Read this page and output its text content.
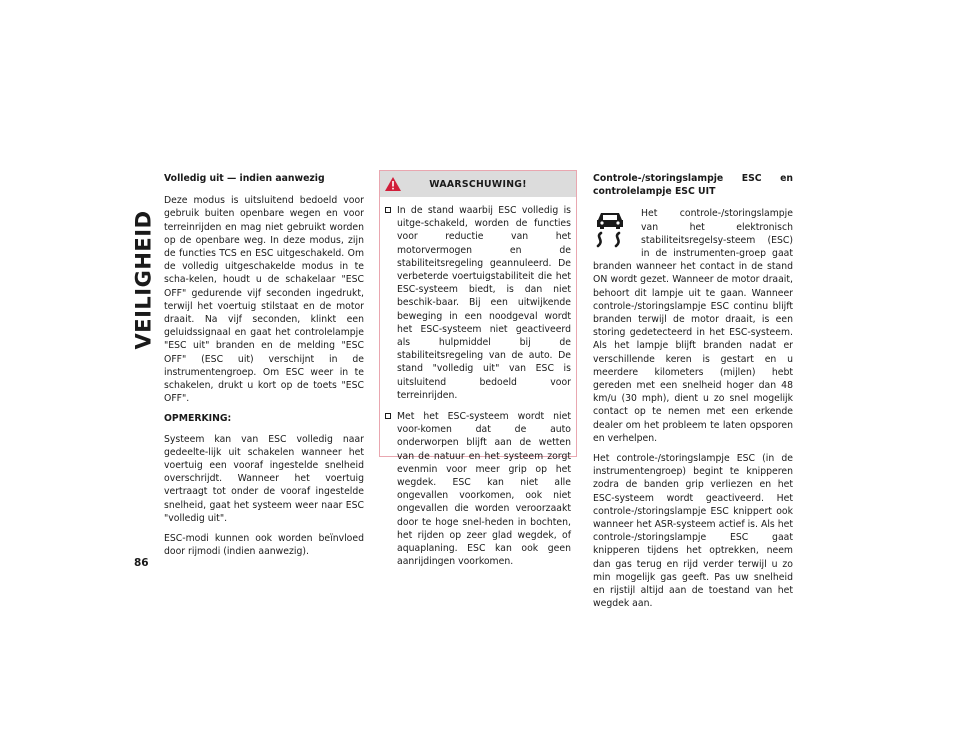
VEILIGHEID
86
Volledig uit — indien aanwezig

Deze modus is uitsluitend bedoeld voor gebruik buiten openbare wegen en voor terreinrijden en mag niet gebruikt worden op de openbare weg. In deze modus, zijn de functies TCS en ESC uitgeschakeld. Om de volledig uitgeschakelde modus in te scha-kelen, houdt u de schakelaar "ESC OFF" gedurende vijf seconden ingedrukt, terwijl het voertuig stilstaat en de motor draait. Na vijf seconden, klinkt een geluidssignaal en gaat het controlelampje "ESC uit" branden en de melding "ESC OFF" (ESC uit) verschijnt in de instrumentengroep. Om ESC weer in te schakelen, drukt u kort op de toets "ESC OFF".

OPMERKING:

Systeem kan van ESC volledig naar gedeelte-lijk uit schakelen wanneer het voertuig een vooraf ingestelde snelheid overschrijdt. Wanneer het voertuig vertraagt tot onder de vooraf ingestelde snelheid, gaat het systeem weer naar ESC "volledig uit".

ESC-modi kunnen ook worden beïnvloed door rijmodi (indien aanwezig).

WAARSCHUWING!
In de stand waarbij ESC volledig is uitge-schakeld, worden de functies voor reductie van het motorvermogen en de stabiliteitsregeling geannuleerd. De verbeterde voertuigstabiliteit die het ESC-systeem biedt, is dan niet beschik-baar. Bij een uitwijkende beweging in een noodgeval wordt het ESC-systeem niet geactiveerd als hulpmiddel bij de stabiliteitsregeling van de auto. De stand "volledig uit" van ESC is uitsluitend bedoeld voor terreinrijden.
Met het ESC-systeem wordt niet voor-komen dat de auto onderworpen blijft aan de wetten van de natuur en het systeem zorgt evenmin voor meer grip op het wegdek. ESC kan niet alle ongevallen voorkomen, ook niet ongevallen die worden veroorzaakt door te hoge snel-heden in bochten, het rijden op zeer glad wegdek, of aquaplaning. ESC kan ook geen aanrijdingen voorkomen.
Controle-/storingslampje ESC en controlelampje ESC UIT

Het controle-/storingslampje van het elektronisch stabiliteitsregelsy-steem (ESC) in de instrumenten-groep gaat branden wanneer het contact in de stand ON wordt gezet. Wanneer de motor draait, behoort dit lampje uit te gaan. Wanneer controle-/storingslampje ESC continu blijft branden terwijl de motor draait, is een storing gedetecteerd in het ESC-systeem. Als het lampje blijft branden nadat er verschillende keren is gestart en u meerdere kilometers (mijlen) hebt gereden met een snelheid hoger dan 48 km/u (30 mph), dient u zo snel mogelijk contact op te nemen met een erkende dealer om het probleem te laten opsporen en verhelpen.

Het controle-/storingslampje ESC (in de instrumentengroep) begint te knipperen zodra de banden grip verliezen en het ESC-systeem wordt geactiveerd. Het controle-/storingslampje ESC knippert ook wanneer het ASR-systeem actief is. Als het controle-/storingslampje ESC gaat knipperen tijdens het optrekken, neem dan gas terug en rijd verder terwijl u zo min mogelijk gas geeft. Pas uw snelheid en rijstijl altijd aan de toestand van het wegdek aan.
